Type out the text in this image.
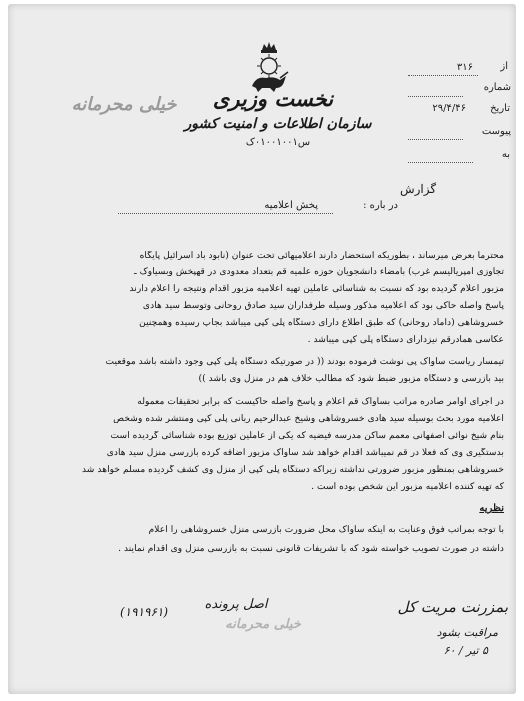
نخست وزیری
سازمان اطلاعات و امنیت کشور
س۰۱۰۰۱۰۰۱ک
خیلی محرمانه
۳۱۶	از
شماره
۲۹/۴/۴۶	تاریخ
پیوست
به
گزارش
در باره :
پخش اعلامیه
محترما بعرض میرساند ، بطوریکه استحضار دارند اعلامیهائی تحت عنوان (نابود باد اسرائیل پایگاه
تجاوزی امپریالیسم غرب) بامضاء دانشجویان حوزه علمیه قم بتعداد معدودی در قهپخش وبسیاوک ـ
مزبور اعلام گردیده بود که نسبت به شناسائی عاملین تهیه اعلامیه مزبور اقدام ونتیجه را اعلام دارند
پاسخ واصله حاکی بود که اعلامیه مذکور وسیله طرفداران سید صادق روحانی وتوسط سید هادی
خسروشاهی (داماد روحانی) که طبق اطلاع دارای دستگاه پلی کپی میباشد بجاپ رسیده وهمچنین
عکاسی همادرقم نیزدارای دستگاه پلی کپی میباشد .
تیمسار ریاست ساواک پی نوشت فرموده بودند (( در صورتیکه دستگاه پلی کپی وجود داشته باشد موقعیت
بید بازرسی و دستگاه مزبور ضبط شود که مطالب خلاف هم در منزل وی باشد ))
در اجرای اوامر صادره مراتب بساواک قم اعلام و پاسخ واصله حاکیست که برابر تحقیقات معموله
اعلامیه مورد بحث بوسیله سید هادی خسروشاهی وشیخ عبدالرحیم ربانی پلی کپی ومنتشر شده وشخص
بنام شیخ نوائی اصفهانی معمم ساکن مدرسه فیضیه که یکی از عاملین توزیع بوده شناسائی گردیده است
بدستگیری وی که فعلا در قم نمیباشد اقدام خواهد شد ساواک مزبور اضافه کرده بازرسی منزل سید هادی
خسروشاهی بمنظور مزبور ضرورتی نداشته زیراکه دستگاه پلی کپی از منزل وی کشف گردیده مسلم خواهد شد
که تهیه کننده اعلامیه مزبور این شخص بوده است .
نظریه
با توجه بمراتب فوق وعنایت به اینکه ساواک محل ضرورت بازرسی منزل خسروشاهی را اعلام
داشته در صورت تصویب خواسته شود که با تشریفات قانونی نسبت به بازرسی منزل وی اقدام نمایند .
(۱۹۱۹۶۱)	اصل پرونده
خیلی محرمانه
بمزرنت مریت کل
مراقبت بشود
۵ تیر / ۶۰
